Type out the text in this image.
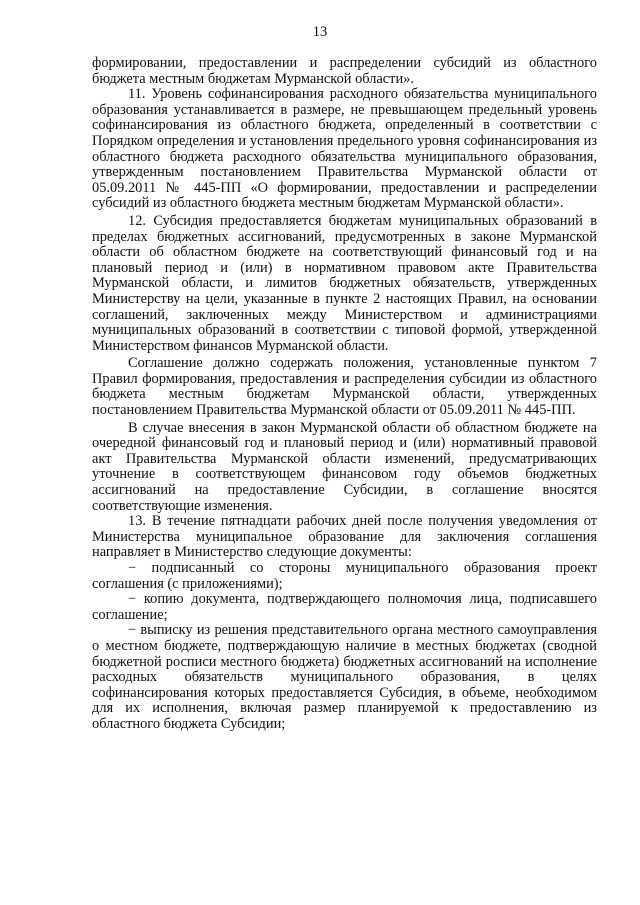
13

формировании, предоставлении и распределении субсидий из областного бюджета местным бюджетам Мурманской области».

11. Уровень софинансирования расходного обязательства муниципального образования устанавливается в размере, не превышающем предельный уровень софинансирования из областного бюджета, определенный в соответствии с Порядком определения и установления предельного уровня софинансирования из областного бюджета расходного обязательства муниципального образования, утвержденным постановлением Правительства Мурманской области от 05.09.2011 № 445-ПП «О формировании, предоставлении и распределении субсидий из областного бюджета местным бюджетам Мурманской области».

12. Субсидия предоставляется бюджетам муниципальных образований в пределах бюджетных ассигнований, предусмотренных в законе Мурманской области об областном бюджете на соответствующий финансовый год и на плановый период и (или) в нормативном правовом акте Правительства Мурманской области, и лимитов бюджетных обязательств, утвержденных Министерству на цели, указанные в пункте 2 настоящих Правил, на основании соглашений, заключенных между Министерством и администрациями муниципальных образований в соответствии с типовой формой, утвержденной Министерством финансов Мурманской области.

Соглашение должно содержать положения, установленные пунктом 7 Правил формирования, предоставления и распределения субсидии из областного бюджета местным бюджетам Мурманской области, утвержденных постановлением Правительства Мурманской области от 05.09.2011 № 445-ПП.

В случае внесения в закон Мурманской области об областном бюджете на очередной финансовый год и плановый период и (или) нормативный правовой акт Правительства Мурманской области изменений, предусматривающих уточнение в соответствующем финансовом году объемов бюджетных ассигнований на предоставление Субсидии, в соглашение вносятся соответствующие изменения.

13. В течение пятнадцати рабочих дней после получения уведомления от Министерства муниципальное образование для заключения соглашения направляет в Министерство следующие документы:

− подписанный со стороны муниципального образования проект соглашения (с приложениями);

− копию документа, подтверждающего полномочия лица, подписавшего соглашение;

− выписку из решения представительного органа местного самоуправления о местном бюджете, подтверждающую наличие в местных бюджетах (сводной бюджетной росписи местного бюджета) бюджетных ассигнований на исполнение расходных обязательств муниципального образования, в целях софинансирования которых предоставляется Субсидия, в объеме, необходимом для их исполнения, включая размер планируемой к предоставлению из областного бюджета Субсидии;
